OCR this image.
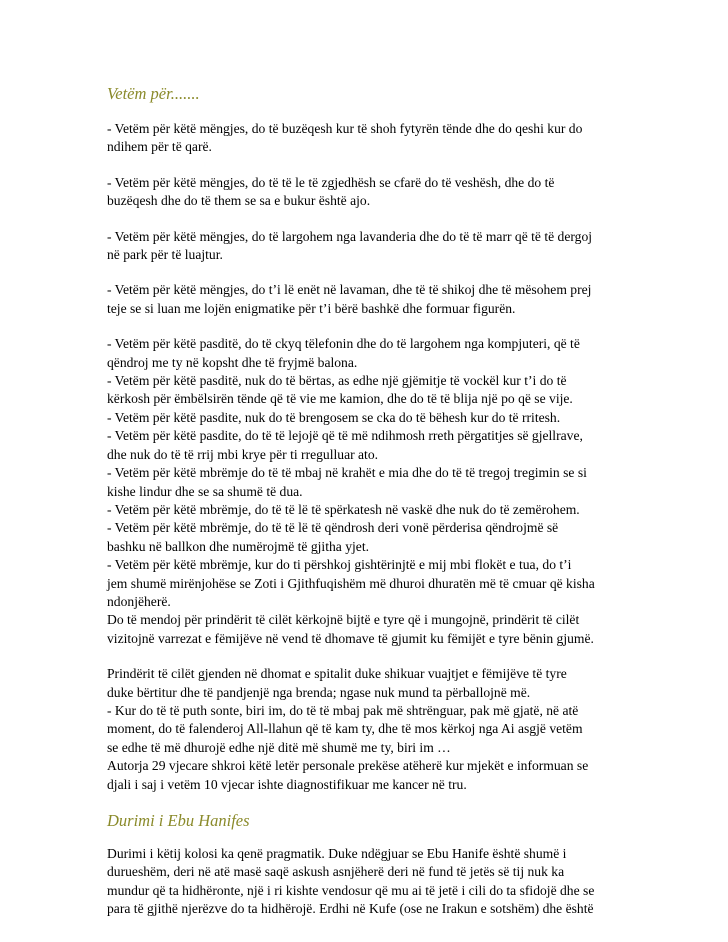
Vetëm për.......
- Vetëm për këtë mëngjes, do të buzëqesh kur të shoh fytyrën tënde dhe do qeshi kur do
ndihem për të qarë.
- Vetëm për këtë mëngjes, do të të le të zgjedhësh se cfarë do të veshësh, dhe do të
buzëqesh dhe do të them se sa e bukur është ajo.
- Vetëm për këtë mëngjes, do të largohem nga lavanderia dhe do të të marr që të të dergoj
në park për të luajtur.
- Vetëm për këtë mëngjes, do t’i lë enët në lavaman, dhe të të shikoj dhe të mësohem prej
teje se si luan me lojën enigmatike për t’i bërë bashkë dhe formuar figurën.
- Vetëm për këtë pasditë, do të ckyq tëlefonin dhe do të largohem nga kompjuteri, që të
qëndroj me ty në kopsht dhe të fryjmë balona.
- Vetëm për këtë pasditë, nuk do të bërtas, as edhe një gjëmitje të vockël kur t’i do të
kërkosh për ëmbëlsirën tënde që të vie me kamion, dhe do të të blija një po që se vije.
- Vetëm për këtë pasdite, nuk do të brengosem se cka do të bëhesh kur do të rritesh.
- Vetëm për këtë pasdite, do të të lejojë që të më ndihmosh rreth përgatitjes së gjellrave,
dhe nuk do të të rrij mbi krye për ti rregulluar ato.
- Vetëm për këtë mbrëmje do të të mbaj në krahët e mia dhe do të të tregoj tregimin se si
kishe lindur dhe se sa shumë të dua.
- Vetëm për këtë mbrëmje, do të të lë të spërkatesh në vaskë dhe nuk do të zemërohem.
- Vetëm për këtë mbrëmje, do të të lë të qëndrosh deri vonë përderisa qëndrojmë së
bashku në ballkon dhe numërojmë të gjitha yjet.
- Vetëm për këtë mbrëmje, kur do ti përshkoj gishtërinjtë e mij mbi flokët e tua, do t’i
jem shumë mirënjohëse se Zoti i Gjithfuqishëm më dhuroi dhuratën më të cmuar që kisha
ndonjëherë.
Do të mendoj për prindërit të cilët kërkojnë bijtë e tyre që i mungojnë, prindërit të cilët
vizitojnë varrezat e fëmijëve në vend të dhomave të gjumit ku fëmijët e tyre bënin gjumë.
Prindërit të cilët gjenden në dhomat e spitalit duke shikuar vuajtjet e fëmijëve të tyre
duke bërtitur dhe të pandjenjë nga brenda; ngase nuk mund ta përballojnë më.
- Kur do të të puth sonte, biri im, do të të mbaj pak më shtrënguar, pak më gjatë, në atë
moment, do të falenderoj All-llahun që të kam ty, dhe të mos kërkoj nga Ai asgjë vetëm
se edhe të më dhurojë edhe një ditë më shumë me ty, biri im …
Autorja 29 vjecare shkroi këtë letër personale prekëse atëherë kur mjekët e informuan se
djali i saj i vetëm 10 vjecar ishte diagnostifikuar me kancer në tru.
Durimi i Ebu Hanifes
Durimi i këtij kolosi ka qenë pragmatik. Duke ndëgjuar se Ebu Hanife është shumë i
durueshëm, deri në atë masë saqë askush asnjëherë deri në fund të jetës së tij nuk ka
mundur që ta hidhëronte, një i ri kishte vendosur që mu ai të jetë i cili do ta sfidojë dhe se
para të gjithë njerëzve do ta hidhërojë. Erdhi në Kufe (ose ne Irakun e sotshëm) dhe është
